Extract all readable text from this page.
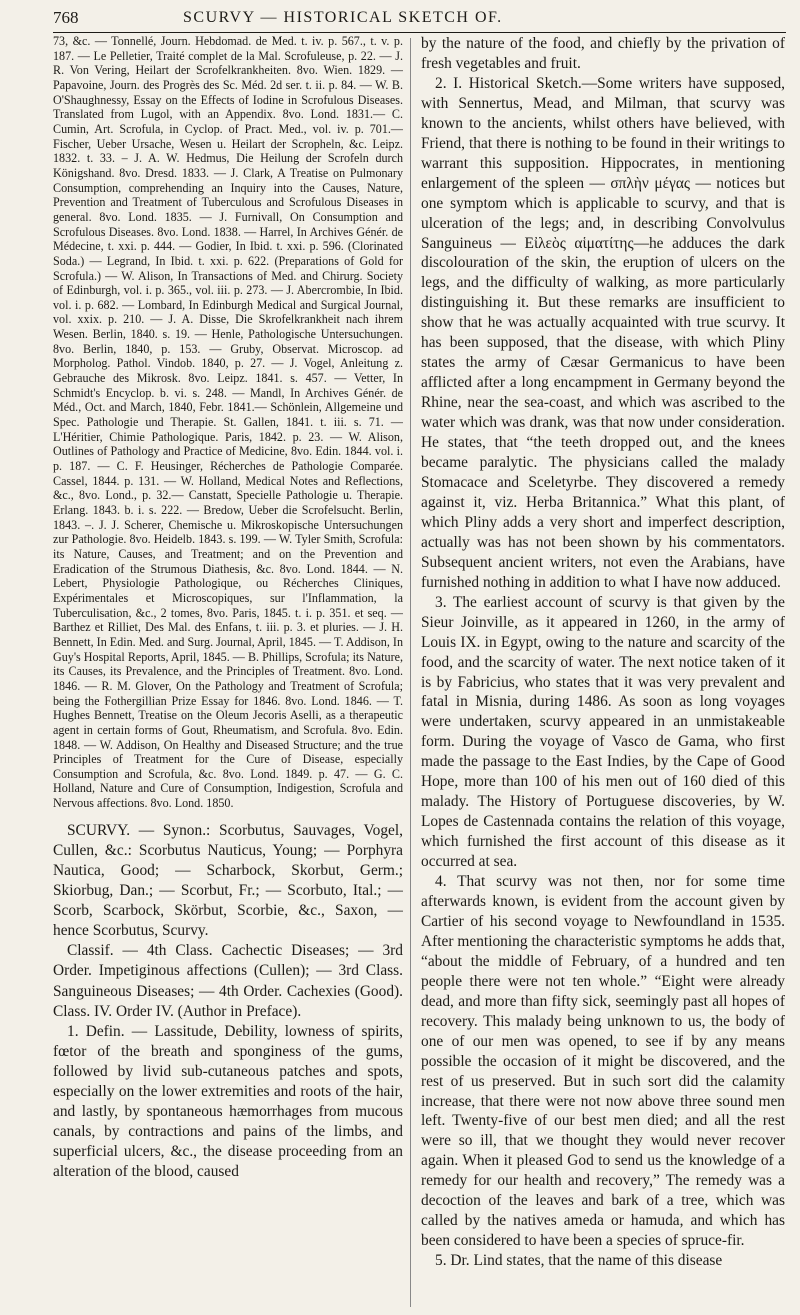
768	SCURVY — HISTORICAL SKETCH OF.

73, &c. — Tonnellé, Journ. Hebdomad. de Med. t. iv. p. 567., t. v. p. 187. — Le Pelletier, Traité complet de la Mal. Scrofuleuse, p. 22. — J. R. Von Vering, Heilart der Scrofelkrankheiten. 8vo. Wien. 1829. — Papavoine, Journ. des Progrès des Sc. Méd. 2d ser. t. ii. p. 84. — W. B. O'Shaughnessy, Essay on the Effects of Iodine in Scrofulous Diseases. Translated from Lugol, with an Appendix. 8vo. Lond. 1831.— C. Cumin, Art. Scrofula, in Cyclop. of Pract. Med., vol. iv. p. 701.—Fischer, Ueber Ursache, Wesen u. Heilart der Scropheln, &c. Leipz. 1832. t. 33. – J. A. W. Hedmus, Die Heilung der Scrofeln durch Königshand. 8vo. Dresd. 1833. — J. Clark, A Treatise on Pulmonary Consumption, comprehending an Inquiry into the Causes, Nature, Prevention and Treatment of Tuberculous and Scrofulous Diseases in general. 8vo. Lond. 1835. — J. Furnivall, On Consumption and Scrofulous Diseases. 8vo. Lond. 1838. — Harrel, In Archives Génér. de Médecine, t. xxi. p. 444. — Godier, In Ibid. t. xxi. p. 596. (Clorinated Soda.) — Legrand, In Ibid. t. xxi. p. 622. (Preparations of Gold for Scrofula.) — W. Alison, In Transactions of Med. and Chirurg. Society of Edinburgh, vol. i. p. 365., vol. iii. p. 273. — J. Abercrombie, In Ibid. vol. i. p. 682. — Lombard, In Edinburgh Medical and Surgical Journal, vol. xxix. p. 210. — J. A. Disse, Die Skrofelkrankheit nach ihrem Wesen. Berlin, 1840. s. 19. — Henle, Pathologische Untersuchungen. 8vo. Berlin, 1840, p. 153. — Gruby, Observat. Microscop. ad Morpholog. Pathol. Vindob. 1840, p. 27. — J. Vogel, Anleitung z. Gebrauche des Mikrosk. 8vo. Leipz. 1841. s. 457. — Vetter, In Schmidt's Encyclop. b. vi. s. 248. — Mandl, In Archives Génér. de Méd., Oct. and March, 1840, Febr. 1841.— Schönlein, Allgemeine und Spec. Pathologie und Therapie. St. Gallen, 1841. t. iii. s. 71. — L'Héritier, Chimie Pathologique. Paris, 1842. p. 23. — W. Alison, Outlines of Pathology and Practice of Medicine, 8vo. Edin. 1844. vol. i. p. 187. — C. F. Heusinger, Récherches de Pathologie Comparée. Cassel, 1844. p. 131. — W. Holland, Medical Notes and Reflections, &c., 8vo. Lond., p. 32.— Canstatt, Specielle Pathologie u. Therapie. Erlang. 1843. b. i. s. 222. — Bredow, Ueber die Scrofelsucht. Berlin, 1843. –. J. J. Scherer, Chemische u. Mikroskopische Untersuchungen zur Pathologie. 8vo. Heidelb. 1843. s. 199. — W. Tyler Smith, Scrofula: its Nature, Causes, and Treatment; and on the Prevention and Eradication of the Strumous Diathesis, &c. 8vo. Lond. 1844. — N. Lebert, Physiologie Pathologique, ou Récherches Cliniques, Expérimentales et Microscopiques, sur l'Inflammation, la Tuberculisation, &c., 2 tomes, 8vo. Paris, 1845. t. i. p. 351. et seq. — Barthez et Rilliet, Des Mal. des Enfans, t. iii. p. 3. et pluries. — J. H. Bennett, In Edin. Med. and Surg. Journal, April, 1845. — T. Addison, In Guy's Hospital Reports, April, 1845. — B. Phillips, Scrofula; its Nature, its Causes, its Prevalence, and the Principles of Treatment. 8vo. Lond. 1846. — R. M. Glover, On the Pathology and Treatment of Scrofula; being the Fothergillian Prize Essay for 1846. 8vo. Lond. 1846. — T. Hughes Bennett, Treatise on the Oleum Jecoris Aselli, as a therapeutic agent in certain forms of Gout, Rheumatism, and Scrofula. 8vo. Edin. 1848. — W. Addison, On Healthy and Diseased Structure; and the true Principles of Treatment for the Cure of Disease, especially Consumption and Scrofula, &c. 8vo. Lond. 1849. p. 47. — G. C. Holland, Nature and Cure of Consumption, Indigestion, Scrofula and Nervous affections. 8vo. Lond. 1850.

SCURVY. — Synon.: Scorbutus, Sauvages, Vogel, Cullen, &c.: Scorbutus Nauticus, Young; — Porphyra Nautica, Good; — Scharbock, Skorbut, Germ.; Skiorbug, Dan.; — Scorbut, Fr.; — Scorbuto, Ital.; — Scorb, Scarbock, Skörbut, Scorbie, &c., Saxon, — hence Scorbutus, Scurvy.

Classif. — 4th Class. Cachectic Diseases; — 3rd Order. Impetiginous affections (Cullen); — 3rd Class. Sanguineous Diseases; — 4th Order. Cachexies (Good). Class. IV. Order IV. (Author in Preface).

1. Defin. — Lassitude, Debility, lowness of spirits, fœtor of the breath and sponginess of the gums, followed by livid sub-cutaneous patches and spots, especially on the lower extremities and roots of the hair, and lastly, by spontaneous hæmorrhages from mucous canals, by contractions and pains of the limbs, and superficial ulcers, &c., the disease proceeding from an alteration of the blood, caused

by the nature of the food, and chiefly by the privation of fresh vegetables and fruit.

2. I. Historical Sketch.—Some writers have supposed, with Sennertus, Mead, and Milman, that scurvy was known to the ancients, whilst others have believed, with Friend, that there is nothing to be found in their writings to warrant this supposition. Hippocrates, in mentioning enlargement of the spleen — σπλὴν μέγας — notices but one symptom which is applicable to scurvy, and that is ulceration of the legs; and, in describing Convolvulus Sanguineus — Εἰλεὸς αἱματίτης—he adduces the dark discolouration of the skin, the eruption of ulcers on the legs, and the difficulty of walking, as more particularly distinguishing it. But these remarks are insufficient to show that he was actually acquainted with true scurvy. It has been supposed, that the disease, with which Pliny states the army of Cæsar Germanicus to have been afflicted after a long encampment in Germany beyond the Rhine, near the sea-coast, and which was ascribed to the water which was drank, was that now under consideration. He states, that “the teeth dropped out, and the knees became paralytic. The physicians called the malady Stomacace and Sceletyrbe. They discovered a remedy against it, viz. Herba Britannica.” What this plant, of which Pliny adds a very short and imperfect description, actually was has not been shown by his commentators. Subsequent ancient writers, not even the Arabians, have furnished nothing in addition to what I have now adduced.

3. The earliest account of scurvy is that given by the Sieur Joinville, as it appeared in 1260, in the army of Louis IX. in Egypt, owing to the nature and scarcity of the food, and the scarcity of water. The next notice taken of it is by Fabricius, who states that it was very prevalent and fatal in Misnia, during 1486. As soon as long voyages were undertaken, scurvy appeared in an unmistakeable form. During the voyage of Vasco de Gama, who first made the passage to the East Indies, by the Cape of Good Hope, more than 100 of his men out of 160 died of this malady. The History of Portuguese discoveries, by W. Lopes de Castennada contains the relation of this voyage, which furnished the first account of this disease as it occurred at sea.

4. That scurvy was not then, nor for some time afterwards known, is evident from the account given by Cartier of his second voyage to Newfoundland in 1535. After mentioning the characteristic symptoms he adds that, “about the middle of February, of a hundred and ten people there were not ten whole.” “Eight were already dead, and more than fifty sick, seemingly past all hopes of recovery. This malady being unknown to us, the body of one of our men was opened, to see if by any means possible the occasion of it might be discovered, and the rest of us preserved. But in such sort did the calamity increase, that there were not now above three sound men left. Twenty-five of our best men died; and all the rest were so ill, that we thought they would never recover again. When it pleased God to send us the knowledge of a remedy for our health and recovery,” The remedy was a decoction of the leaves and bark of a tree, which was called by the natives ameda or hamuda, and which has been considered to have been a species of spruce-fir.

5. Dr. Lind states, that the name of this disease
